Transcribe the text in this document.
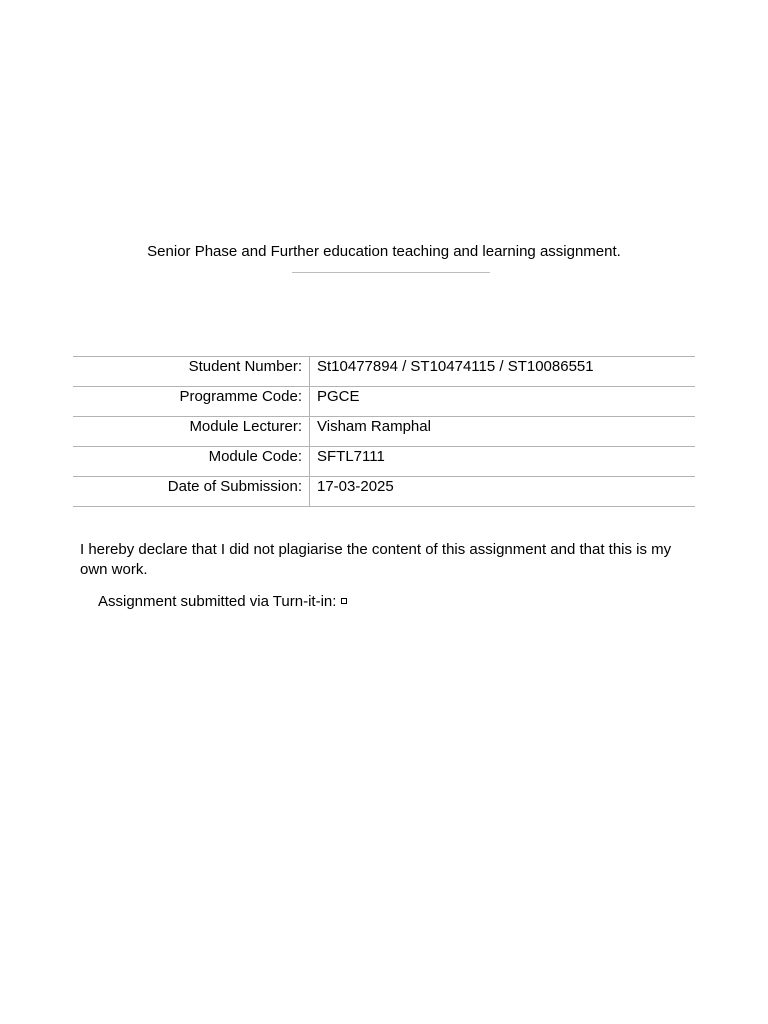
Senior Phase and Further education teaching and learning assignment.
Student Number:	St10477894 / ST10474115 / ST10086551
Programme Code:	PGCE
Module Lecturer:	Visham Ramphal
Module Code:	SFTL7111
Date of Submission:	17-03-2025

I hereby declare that I did not plagiarise the content of this assignment and that this is my own work.

Assignment submitted via Turn-it-in:
